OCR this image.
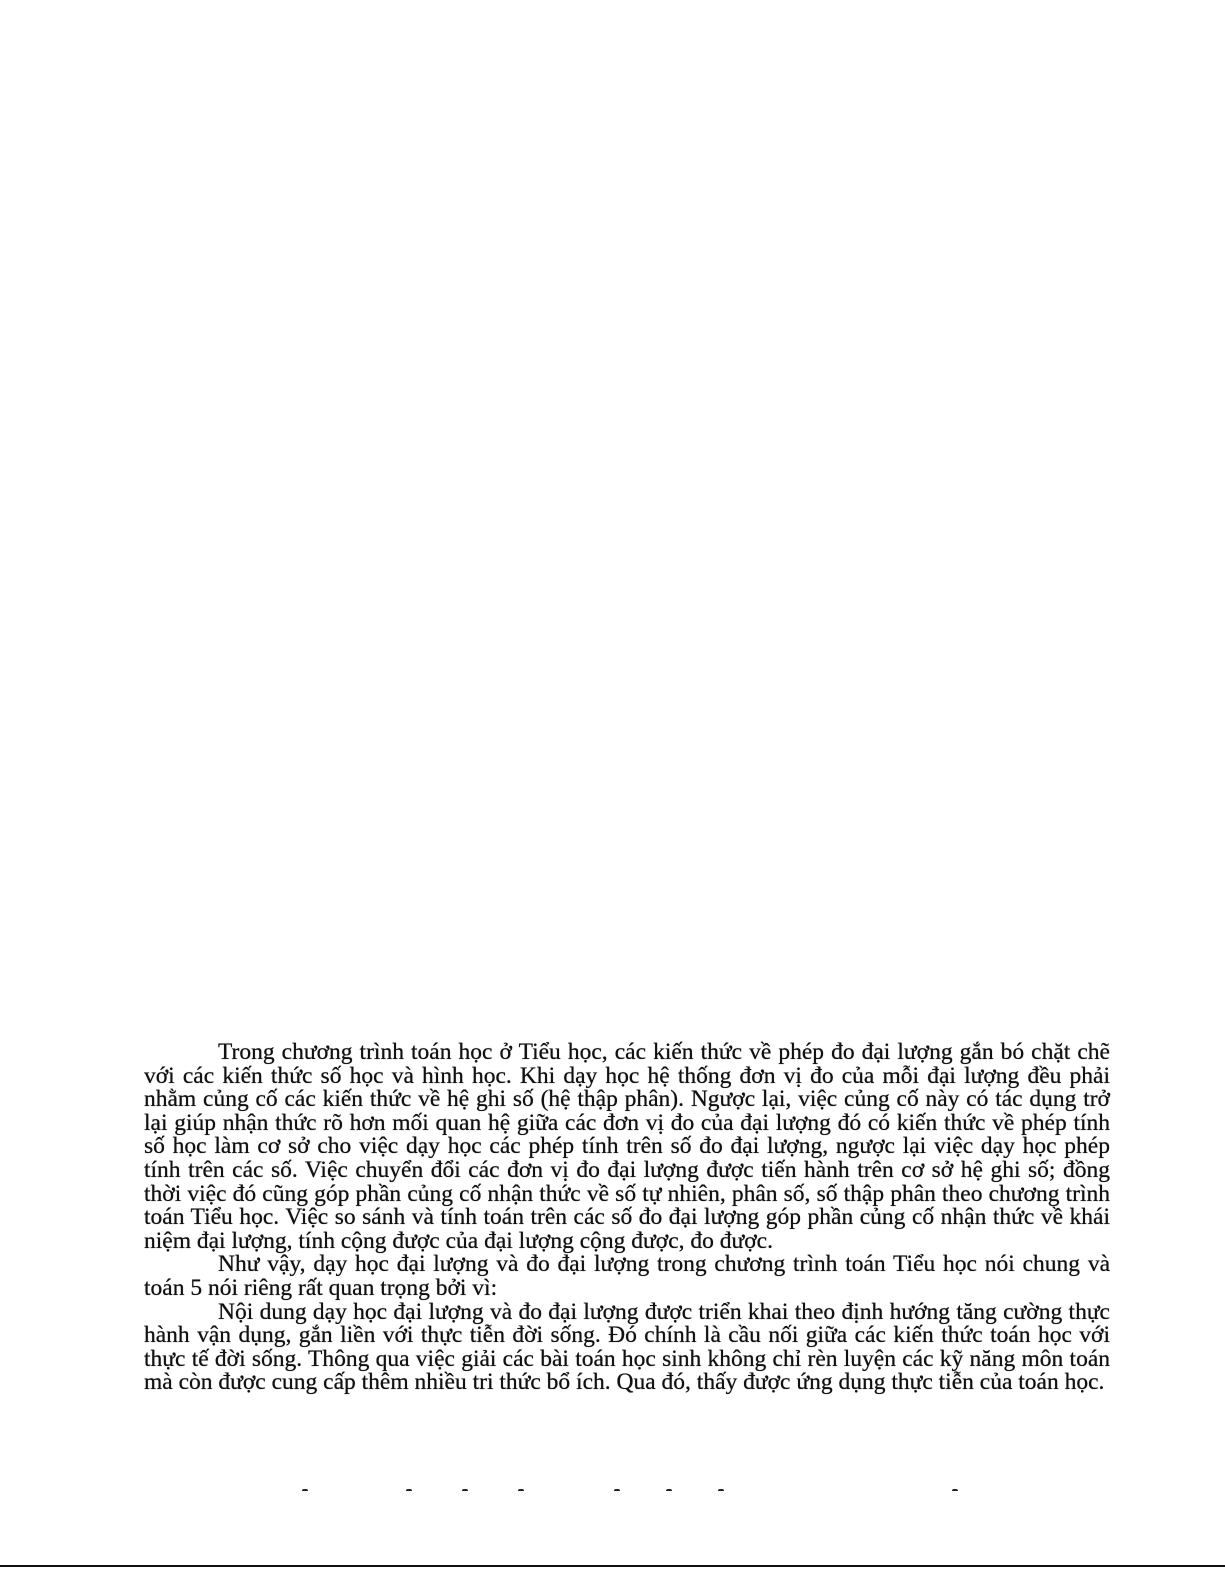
Trong chương trình toán học ở Tiểu học, các kiến thức về phép đo đại lượng gắn bó chặt chẽ với các kiến thức số học và hình học. Khi dạy học hệ thống đơn vị đo của mỗi đại lượng đều phải nhằm củng cố các kiến thức về hệ ghi số (hệ thập phân). Ngược lại, việc củng cố này có tác dụng trở lại giúp nhận thức rõ hơn mối quan hệ giữa các đơn vị đo của đại lượng đó có kiến thức về phép tính số học làm cơ sở cho việc dạy học các phép tính trên số đo đại lượng, ngược lại việc dạy học phép tính trên các số. Việc chuyển đổi các đơn vị đo đại lượng được tiến hành trên cơ sở hệ ghi số; đồng thời việc đó cũng góp phần củng cố nhận thức về số tự nhiên, phân số, số thập phân theo chương trình toán Tiểu học. Việc so sánh và tính toán trên các số đo đại lượng góp phần củng cố nhận thức về khái niệm đại lượng, tính cộng được của đại lượng cộng được, đo được.

Như vậy, dạy học đại lượng và đo đại lượng trong chương trình toán Tiểu học nói chung và toán 5 nói riêng rất quan trọng bởi vì:

Nội dung dạy học đại lượng và đo đại lượng được triển khai theo định hướng tăng cường thực hành vận dụng, gắn liền với thực tiễn đời sống. Đó chính là cầu nối giữa các kiến thức toán học với thực tế đời sống. Thông qua việc giải các bài toán học sinh không chỉ rèn luyện các kỹ năng môn toán mà còn được cung cấp thêm nhiều tri thức bổ ích. Qua đó, thấy được ứng dụng thực tiễn của toán học.
